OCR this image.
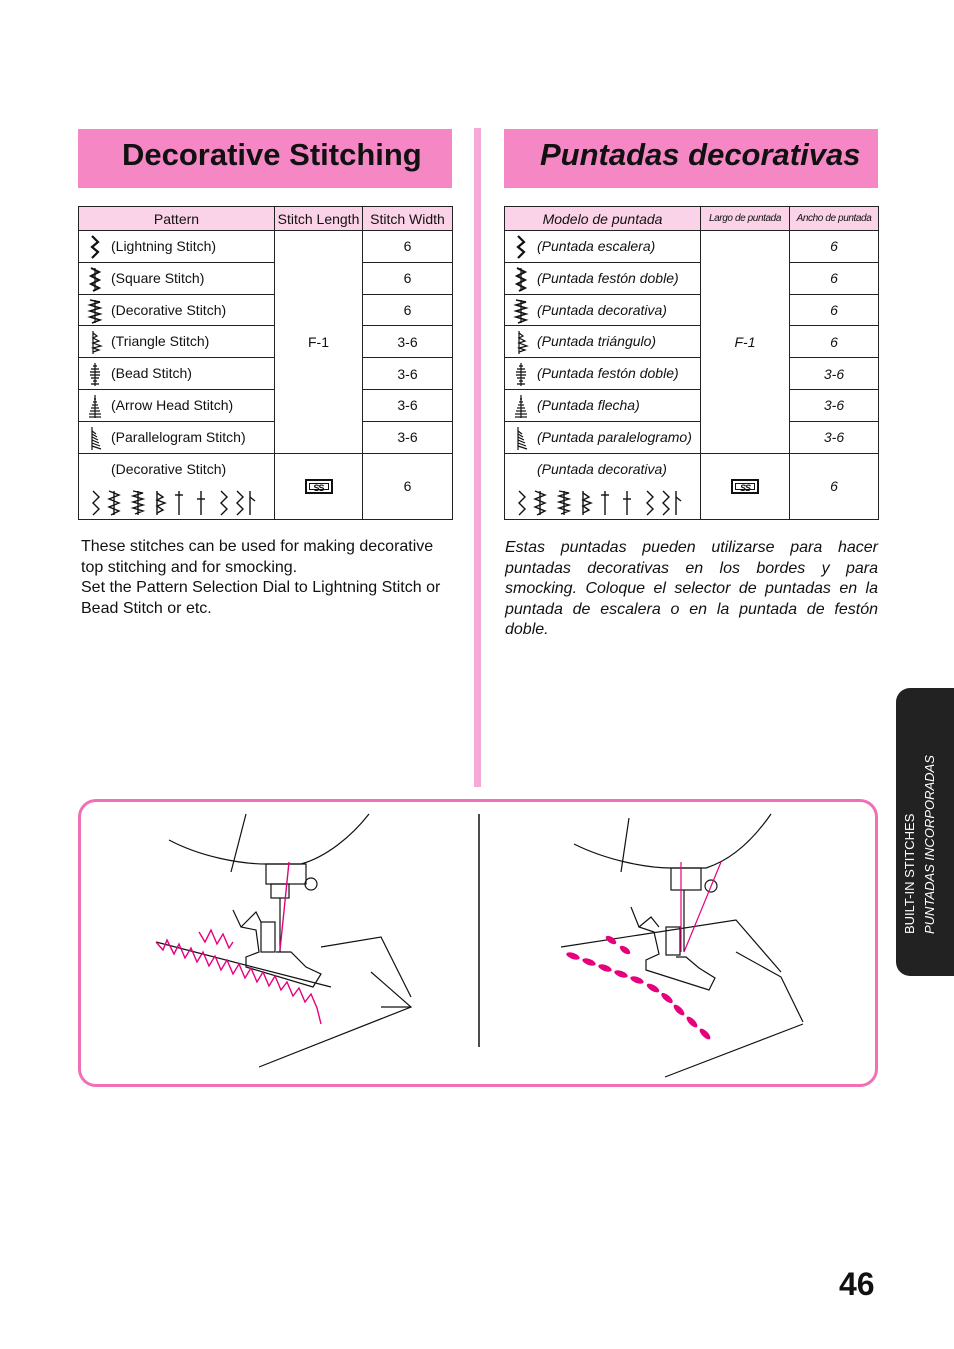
Decorative Stitching	Puntadas decorativas
Pattern	Stitch Length	Stitch Width

(Lightning Stitch)	F-1	6

(Square Stitch)		6

(Decorative Stitch)		6

(Triangle Stitch)		3-6

(Bead Stitch)		3-6

(Arrow Head Stitch)		3-6

(Parallelogram Stitch)		3-6

(Decorative Stitch)	SS	6
Modelo de puntada	Largo de puntada	Ancho de puntada

(Puntada escalera)	F-1	6

(Puntada festón doble)		6

(Puntada decorativa)		6

(Puntada triángulo)		6

(Puntada festón doble)		3-6

(Puntada flecha)		3-6

(Puntada paralelogramo)		3-6

(Puntada decorativa)	SS	6

These stitches can be used for making decorative top stitching and for smocking.

Set the Pattern Selection Dial to Lightning Stitch or Bead Stitch or etc.

Estas puntadas pueden utilizarse para hacer puntadas decorativas en los bordes y para smocking. Coloque el selector de puntadas en la puntada de escalera o en la puntada de festón doble.

BUILT-IN STITCHES PUNTADAS INCORPORADAS
46
